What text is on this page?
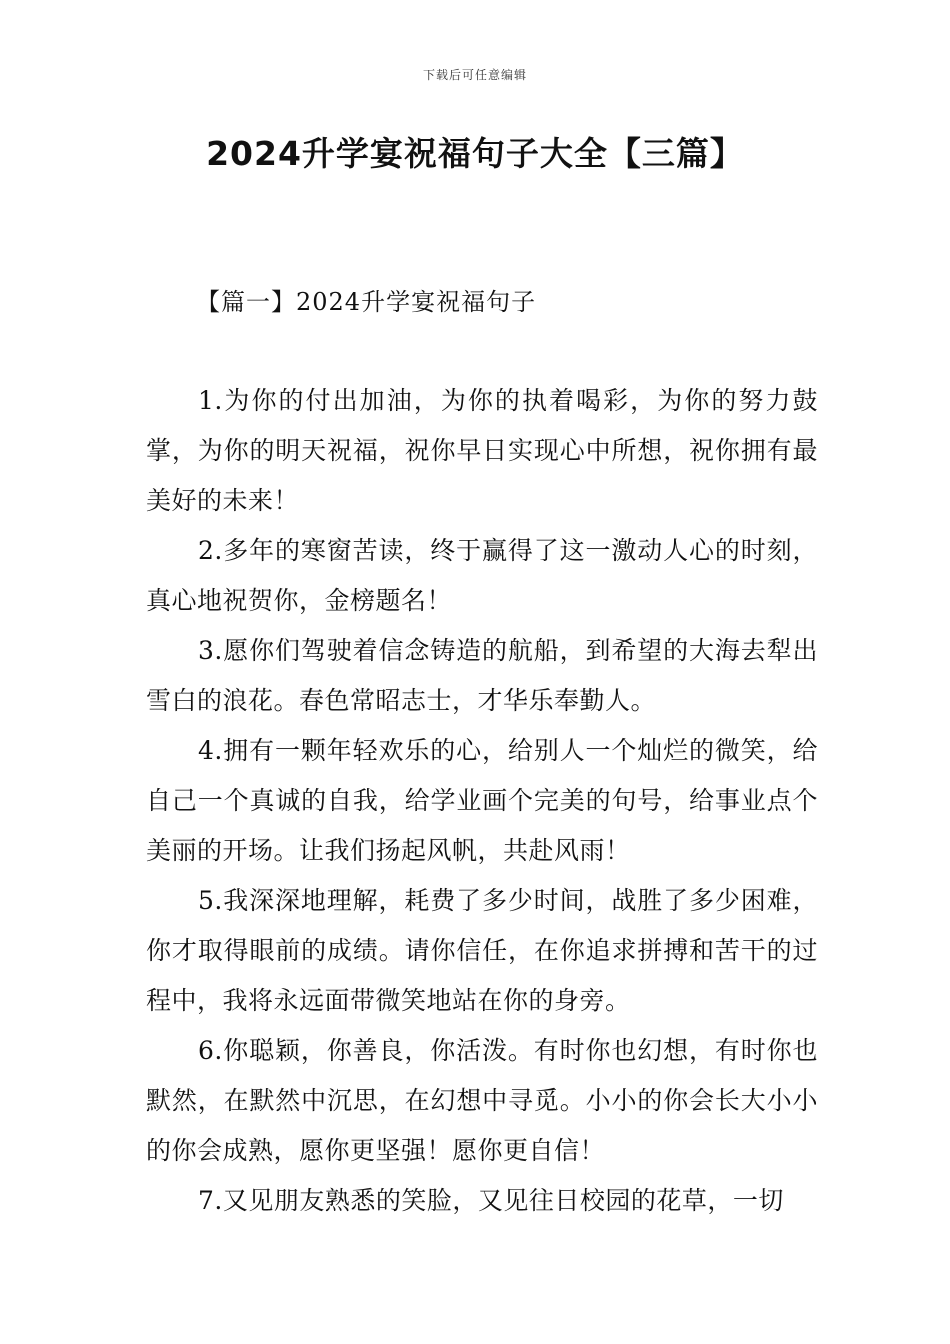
下载后可任意编辑
2024升学宴祝福句子大全【三篇】
【篇一】2024升学宴祝福句子

1.为你的付出加油，为你的执着喝彩，为你的努力鼓掌，为你的明天祝福，祝你早日实现心中所想，祝你拥有最美好的未来！

2.多年的寒窗苦读，终于赢得了这一激动人心的时刻，真心地祝贺你，金榜题名！

3.愿你们驾驶着信念铸造的航船，到希望的大海去犁出雪白的浪花。春色常昭志士，才华乐奉勤人。

4.拥有一颗年轻欢乐的心，给别人一个灿烂的微笑，给自己一个真诚的自我，给学业画个完美的句号，给事业点个美丽的开场。让我们扬起风帆，共赴风雨！

5.我深深地理解，耗费了多少时间，战胜了多少困难，你才取得眼前的成绩。请你信任，在你追求拼搏和苦干的过程中，我将永远面带微笑地站在你的身旁。

6.你聪颖，你善良，你活泼。有时你也幻想，有时你也默然，在默然中沉思，在幻想中寻觅。小小的你会长大小小的你会成熟，愿你更坚强！愿你更自信！

7.又见朋友熟悉的笑脸，又见往日校园的花草，一切
